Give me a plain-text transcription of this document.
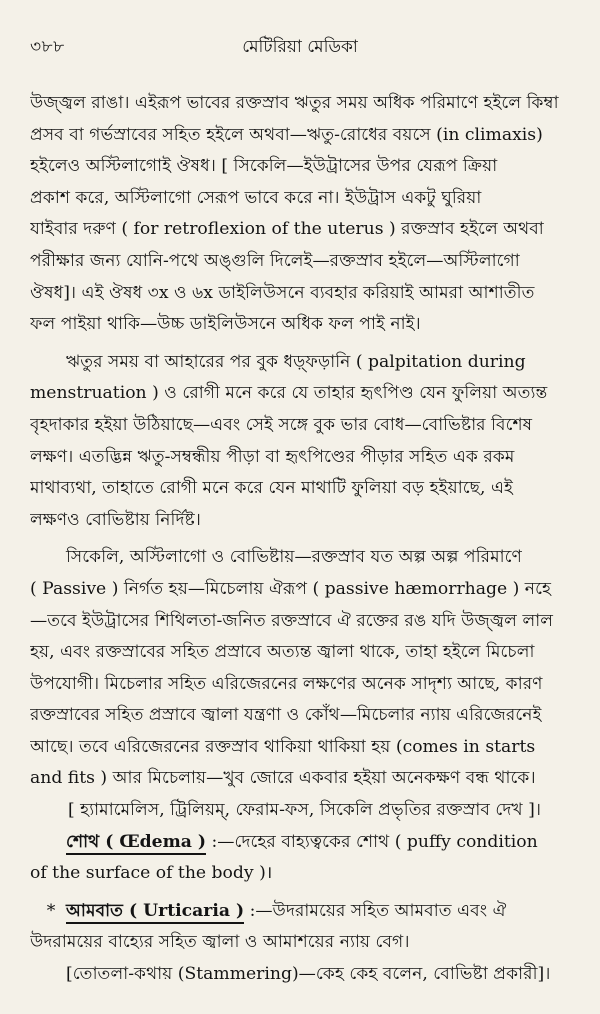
৩৮৮	মেটিরিয়া মেডিকা

উজ্জ্বল রাঙা। এইরূপ ভাবের রক্তস্রাব ঋতুর সময় অধিক পরিমাণে হইলে কিম্বা
প্রসব বা গর্ভস্রাবের সহিত হইলে অথবা—ঋতু-রোধের বয়সে (in climaxis)
হইলেও অস্টিলাগোই ঔষধ। [ সিকেলি—ইউট্রাসের উপর যেরূপ ক্রিয়া
প্রকাশ করে, অস্টিলাগো সেরূপ ভাবে করে না। ইউট্রাস একটু ঘুরিয়া
যাইবার দরুণ ( for retroflexion of the uterus ) রক্তস্রাব হইলে অথবা
পরীক্ষার জন্য যোনি-পথে অঙ্গুলি দিলেই—রক্তস্রাব হইলে—অস্টিলাগো
ঔষধ]। এই ঔষধ ৩x ও ৬x ডাইলিউসনে ব্যবহার করিয়াই আমরা আশাতীত
ফল পাইয়া থাকি—উচ্চ ডাইলিউসনে অধিক ফল পাই নাই।

ঋতুর সময় বা আহারের পর বুক ধড়্ফড়ানি ( palpitation during
menstruation ) ও রোগী মনে করে যে তাহার হৃৎপিণ্ড যেন ফুলিয়া অত্যন্ত
বৃহদাকার হইয়া উঠিয়াছে—এবং সেই সঙ্গে বুক ভার বোধ—বোভিষ্টার বিশেষ
লক্ষণ। এতদ্ভিন্ন ঋতু-সম্বন্ধীয় পীড়া বা হৃৎপিণ্ডের পীড়ার সহিত এক রকম
মাথাব্যথা, তাহাতে রোগী মনে করে যেন মাথাটি ফুলিয়া বড় হইয়াছে, এই
লক্ষণও বোভিষ্টায় নির্দিষ্ট।

সিকেলি, অস্টিলাগো ও বোভিষ্টায়—রক্তস্রাব যত অল্প অল্প পরিমাণে
( Passive ) নির্গত হয়—মিচেলায় ঐরূপ ( passive hæmorrhage ) নহে
—তবে ইউট্রাসের শিথিলতা-জনিত রক্তস্রাবে ঐ রক্তের রঙ যদি উজ্জ্বল লাল
হয়, এবং রক্তস্রাবের সহিত প্রস্রাবে অত্যন্ত জ্বালা থাকে, তাহা হইলে মিচেলা
উপযোগী। মিচেলার সহিত এরিজেরনের লক্ষণের অনেক সাদৃশ্য আছে, কারণ
রক্তস্রাবের সহিত প্রস্রাবে জ্বালা যন্ত্রণা ও কোঁথ—মিচেলার ন্যায় এরিজেরনেই
আছে। তবে এরিজেরনের রক্তস্রাব থাকিয়া থাকিয়া হয় (comes in starts
and fits ) আর মিচেলায়—খুব জোরে একবার হইয়া অনেকক্ষণ বন্ধ থাকে।

[ হ্যামামেলিস, ট্রিলিয়ম্‌, ফেরাম-ফস, সিকেলি প্রভৃতির রক্তস্রাব দেখ ]।
শোথ ( Œdema ) :—দেহের বাহ্যত্বকের শোথ ( puffy condition
of the surface of the body )।
* আমবাত ( Urticaria ) :—উদরাময়ের সহিত আমবাত এবং ঐ
উদরাময়ের বাহ্যের সহিত জ্বালা ও আমাশয়ের ন্যায় বেগ।
[তোতলা-কথায় (Stammering)—কেহ কেহ বলেন, বোভিষ্টা প্রকারী]।
